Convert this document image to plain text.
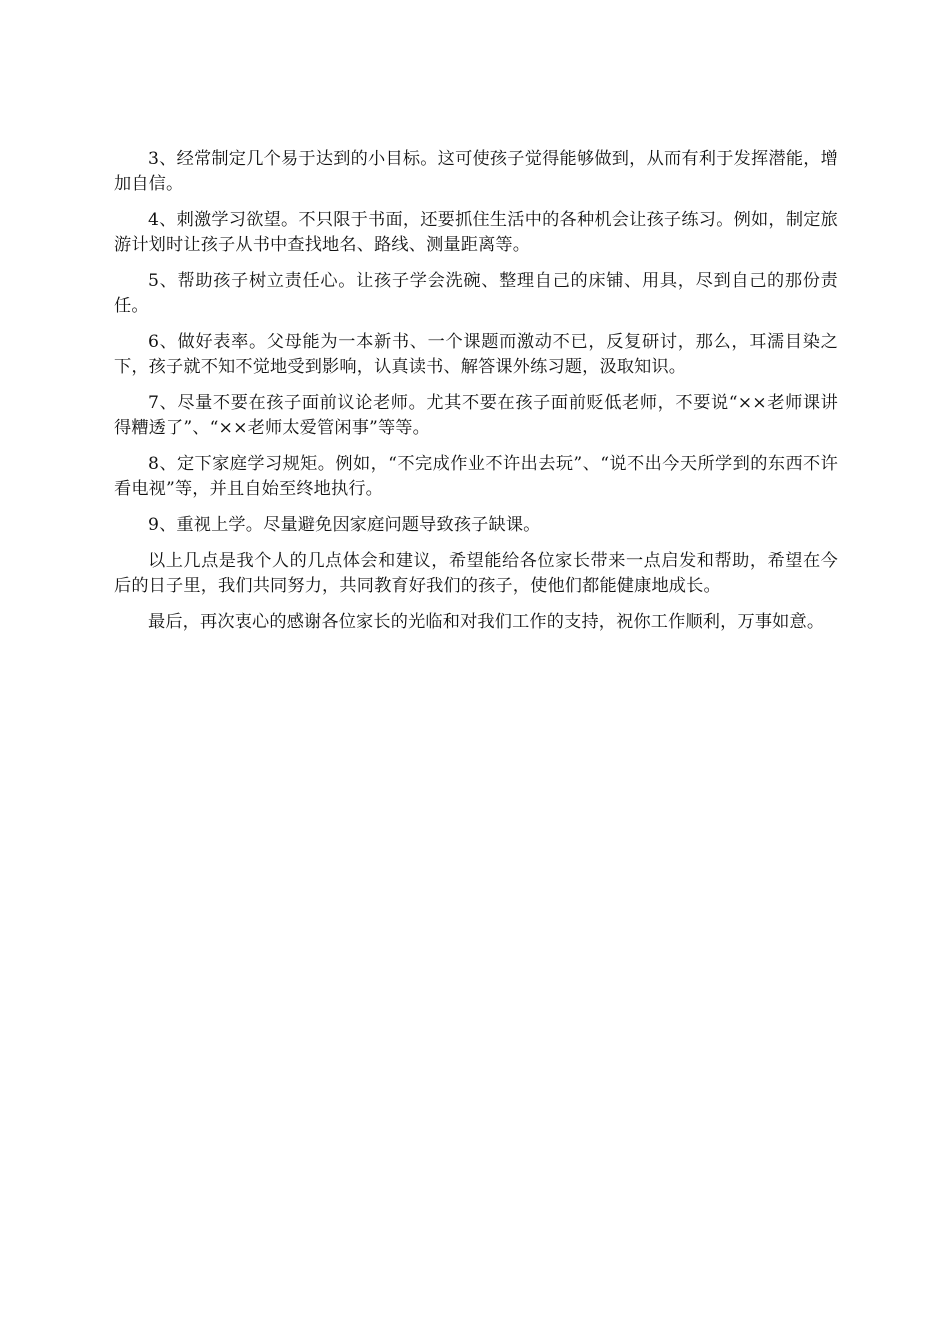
3、经常制定几个易于达到的小目标。这可使孩子觉得能够做到，从而有利于发挥潜能，增加自信。

4、刺激学习欲望。不只限于书面，还要抓住生活中的各种机会让孩子练习。例如，制定旅游计划时让孩子从书中查找地名、路线、测量距离等。

5、帮助孩子树立责任心。让孩子学会洗碗、整理自己的床铺、用具，尽到自己的那份责任。

6、做好表率。父母能为一本新书、一个课题而激动不已，反复研讨，那么，耳濡目染之下，孩子就不知不觉地受到影响，认真读书、解答课外练习题，汲取知识。

7、尽量不要在孩子面前议论老师。尤其不要在孩子面前贬低老师，不要说“××老师课讲得糟透了”、“××老师太爱管闲事”等等。

8、定下家庭学习规矩。例如，“不完成作业不许出去玩”、“说不出今天所学到的东西不许看电视”等，并且自始至终地执行。

9、重视上学。尽量避免因家庭问题导致孩子缺课。

以上几点是我个人的几点体会和建议，希望能给各位家长带来一点启发和帮助，希望在今后的日子里，我们共同努力，共同教育好我们的孩子，使他们都能健康地成长。

最后，再次衷心的感谢各位家长的光临和对我们工作的支持，祝你工作顺利，万事如意。
